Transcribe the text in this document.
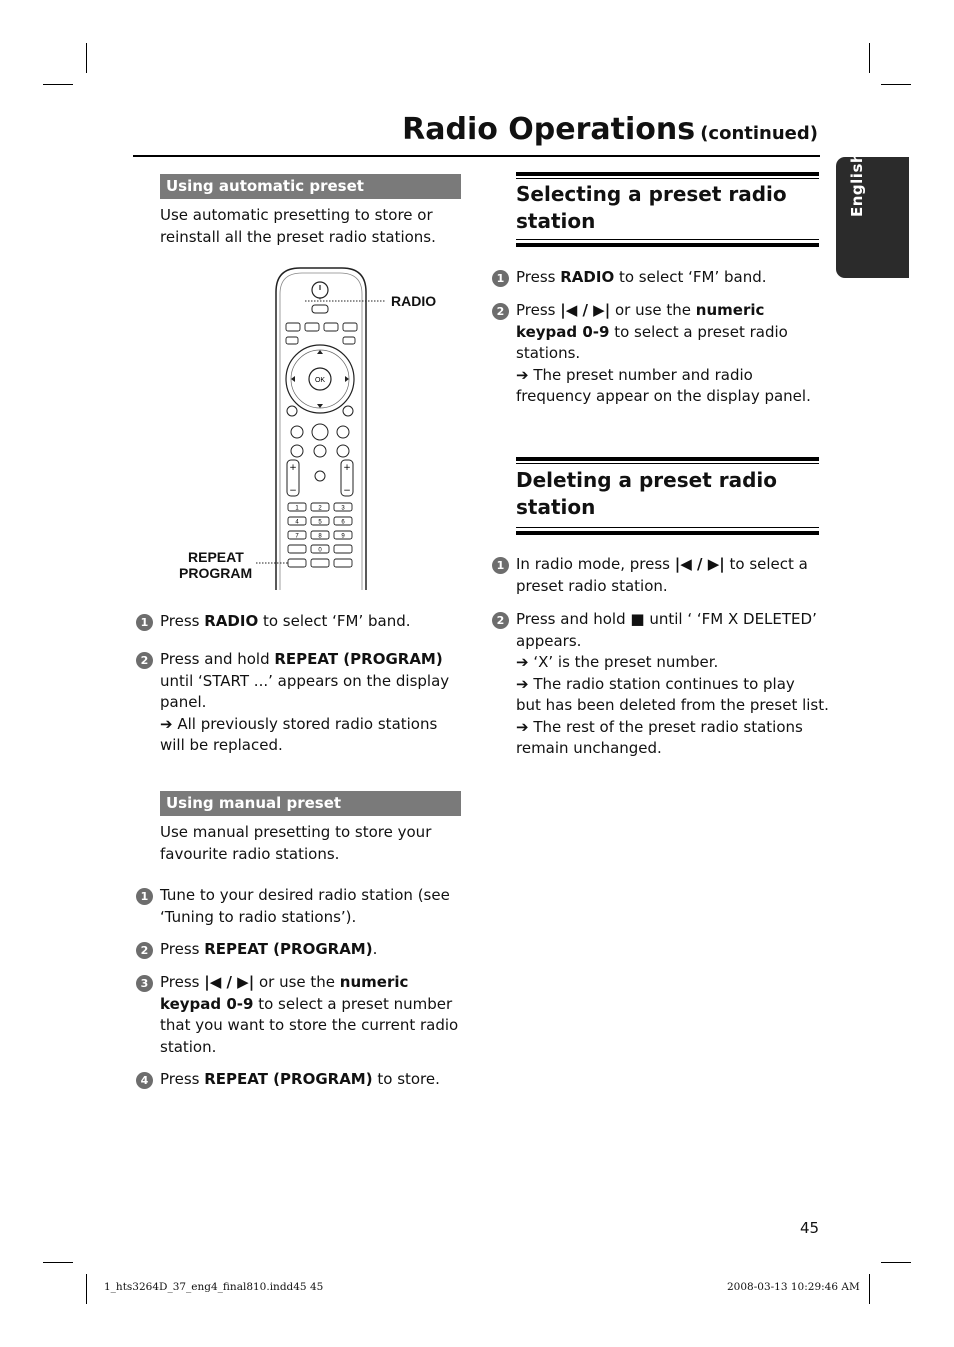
Radio Operations (continued)
English
Using automatic preset
Use automatic presetting to store or
reinstall all the preset radio stations.
OK
+	+
−	−
1	2	3
4	5	6
7	8	9
0
RADIO
REPEAT
PROGRAM
1 Press RADIO to select ‘FM’ band.
2 Press and hold REPEAT (PROGRAM)
until ‘START ...’ appears on the display
panel.
➔ All previously stored radio stations
will be replaced.
Using manual preset
Use manual presetting to store your
favourite radio stations.
1 Tune to your desired radio station (see
‘Tuning to radio stations’).
2 Press REPEAT (PROGRAM).
3 Press |◀ / ▶| or use the numeric
keypad 0-9 to select a preset number
that you want to store the current radio
station.
4 Press REPEAT (PROGRAM) to store.
Selecting a preset radio
station
1 Press RADIO to select ‘FM’ band.
2 Press |◀ / ▶| or use the numeric
keypad 0-9 to select a preset radio
stations.
➔ The preset number and radio
frequency appear on the display panel.
Deleting a preset radio
station
1 In radio mode, press |◀ / ▶| to select a
preset radio station.
2 Press and hold ■ until ‘ ‘FM X DELETED’
appears.
➔ ‘X’ is the preset number.
➔ The radio station continues to play
but has been deleted from the preset list.
➔ The rest of the preset radio stations
remain unchanged.
45
1_hts3264D_37_eng4_final810.indd45 45	2008-03-13 10:29:46 AM
